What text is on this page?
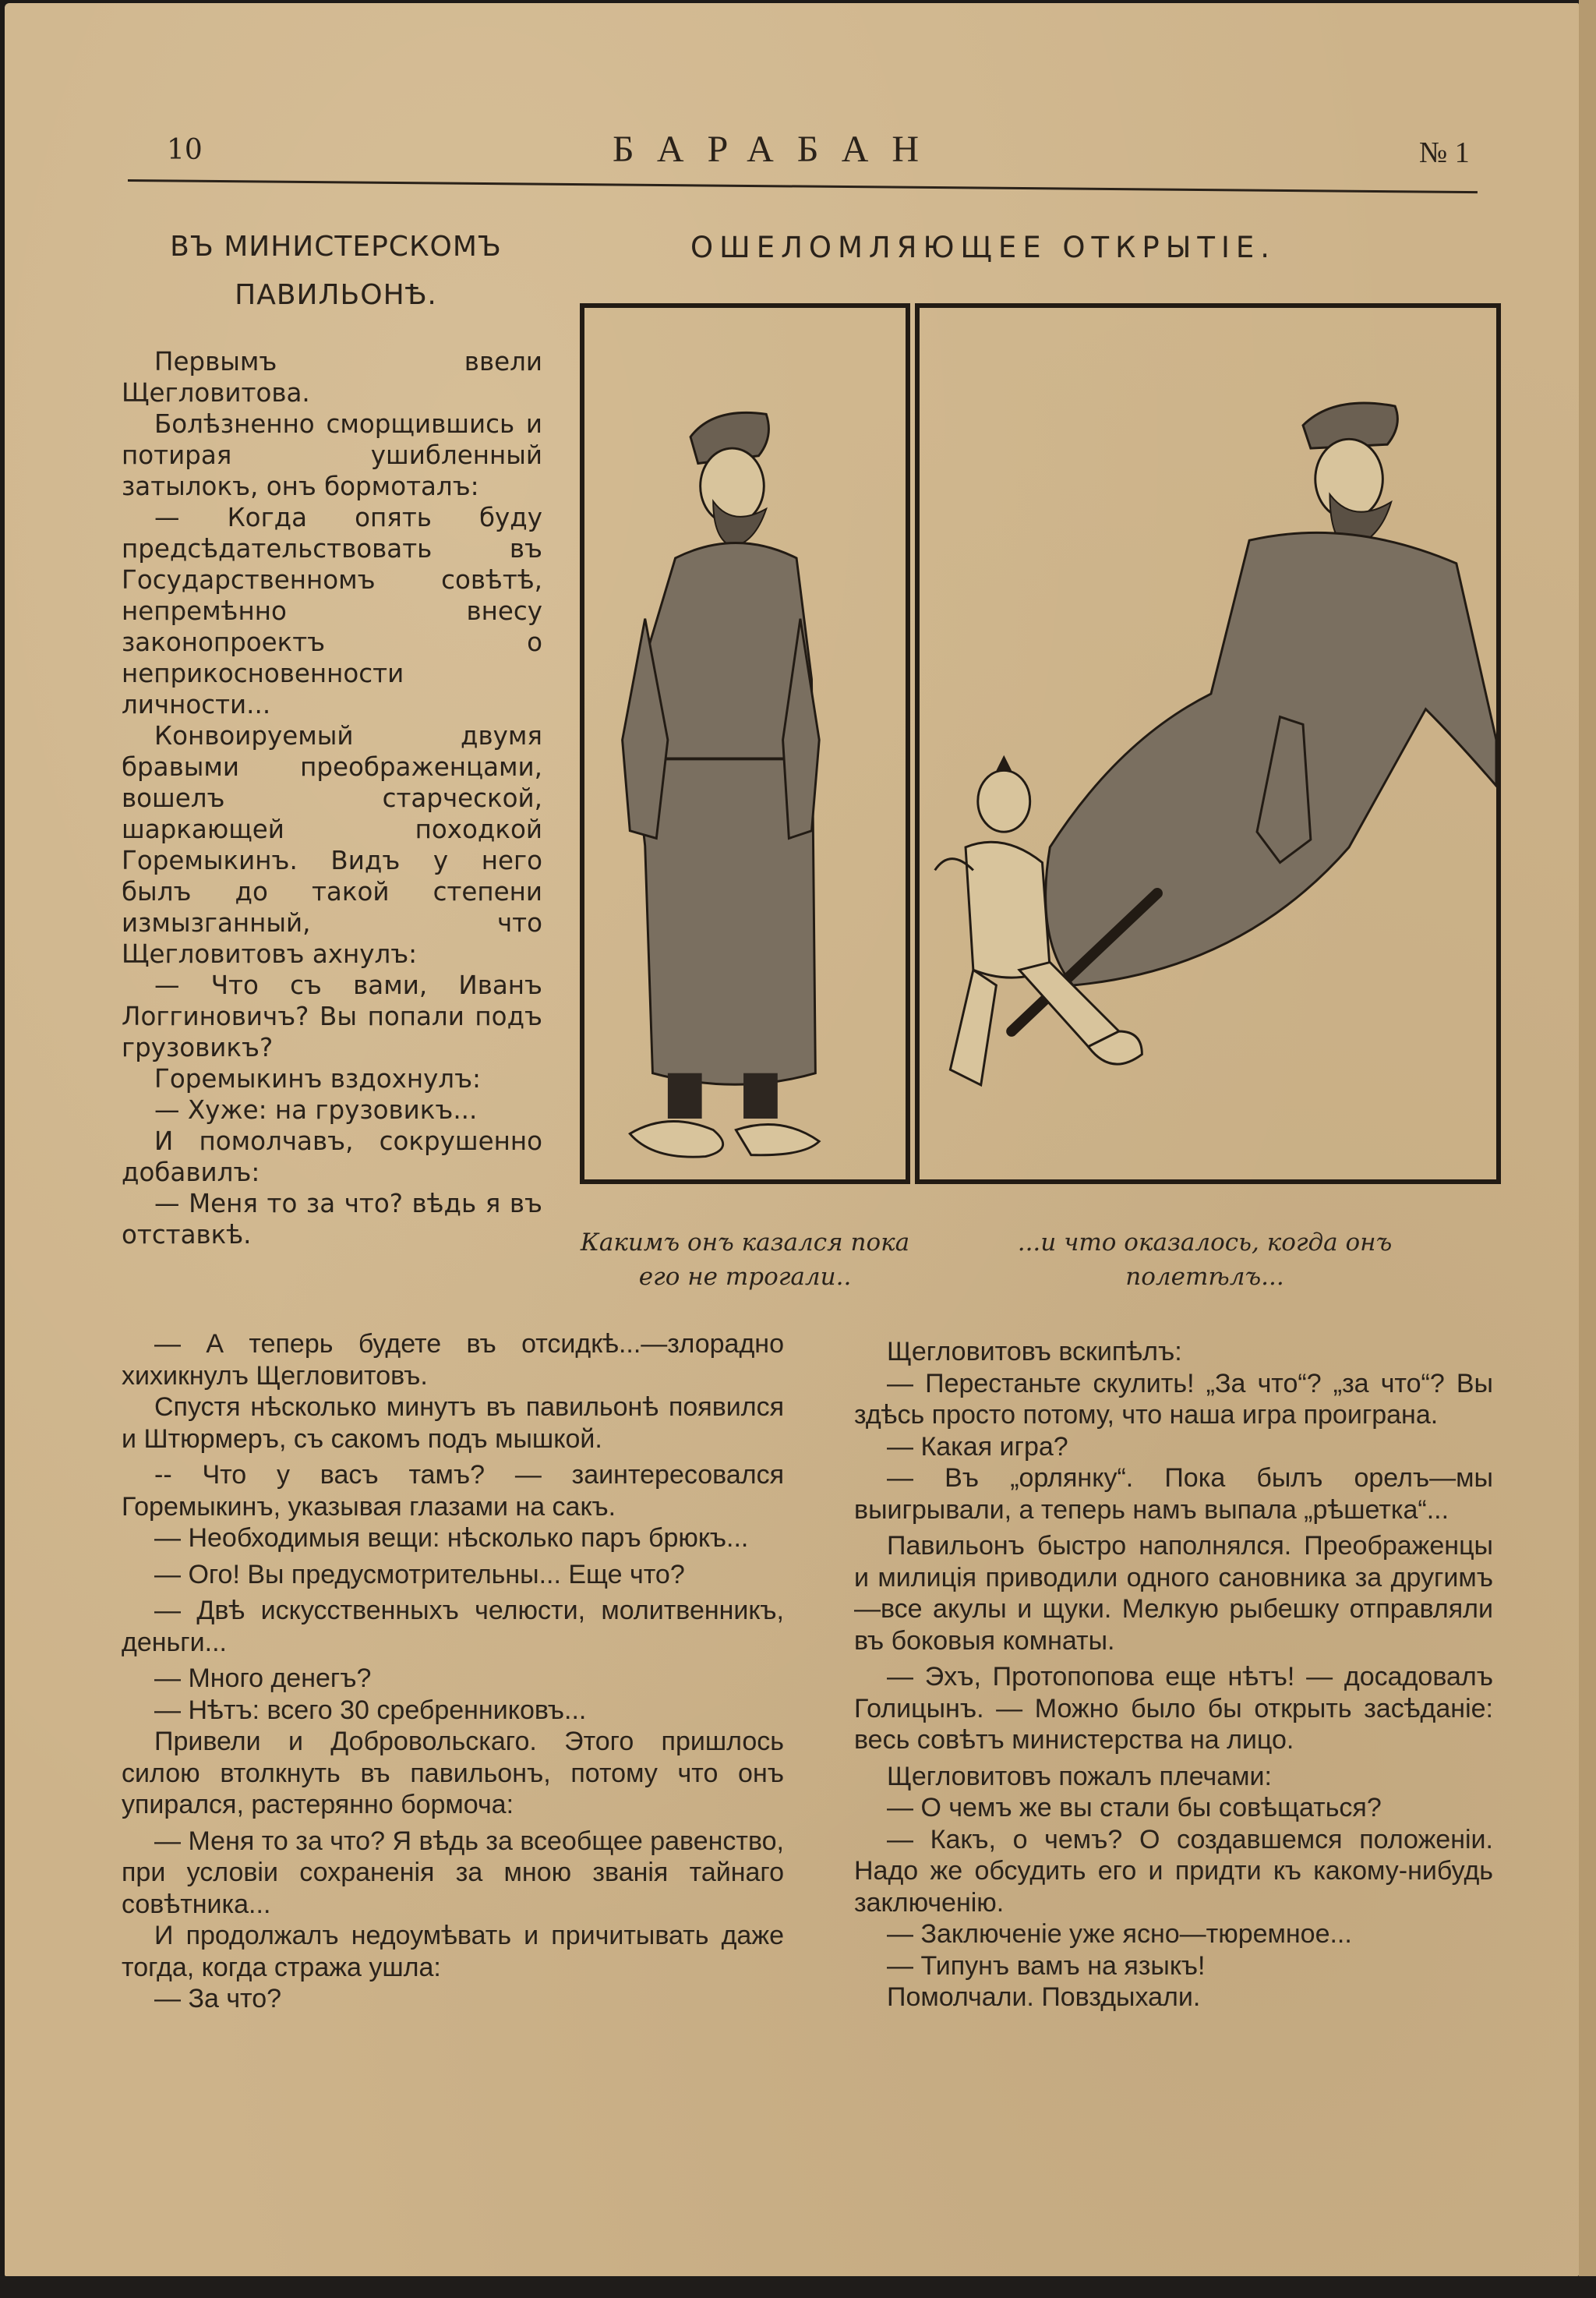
10	БАРАБАН	№ 1
ВЪ МИНИСТЕРСКОМЪ
ПАВИЛЬОНѢ.
ОШЕЛОМЛЯЮЩЕЕ ОТКРЫТІЕ.

Первымъ ввели Щегловитова.

Болѣзненно сморщившись и потирая ушибленный затылокъ, онъ бормоталъ:

— Когда опять буду предсѣдательствовать въ Государственномъ совѣтѣ, непремѣнно внесу законопроектъ о неприкосновенности личности...

Конвоируемый двумя бравыми преображенцами, вошелъ старческой, шаркающей походкой Горемыкинъ. Видъ у него былъ до такой степени измызганный, что Щегловитовъ ахнулъ:

— Что съ вами, Иванъ Логгиновичъ? Вы попали подъ грузовикъ?

Горемыкинъ вздохнулъ:

— Хуже: на грузовикъ...

И помолчавъ, сокрушенно добавилъ:

— Меня то за что? вѣдь я въ отставкѣ.	Какимъ онъ казался пока его не трогали..
...и что оказалось, когда онъ полетѣлъ...

— А теперь будете въ отсидкѣ...—злорадно хихикнулъ Щегловитовъ.

Спустя нѣсколько минутъ въ павильонѣ появился и Штюрмеръ, съ сакомъ подъ мышкой.

-- Что у васъ тамъ? — заинтересовался Горемыкинъ, указывая глазами на сакъ.

— Необходимыя вещи: нѣсколько паръ брюкъ...

— Ого! Вы предусмотрительны... Еще что?

— Двѣ искусственныхъ челюсти, молитвенникъ, деньги...

— Много денегъ?

— Нѣтъ: всего 30 сребренниковъ...

Привели и Добровольскаго. Этого пришлось силою втолкнуть въ павильонъ, потому что онъ упирался, растерянно бормоча:

— Меня то за что? Я вѣдь за всеобщее равенство, при условіи сохраненія за мною званія тайнаго совѣтника...

И продолжалъ недоумѣвать и причитывать даже тогда, когда стража ушла:

— За что?

Щегловитовъ вскипѣлъ:

— Перестаньте скулить! „За что“? „за что“? Вы здѣсь просто потому, что наша игра проиграна.

— Какая игра?

— Въ „орлянку“. Пока былъ орелъ—мы выигрывали, а теперь намъ выпала „рѣшетка“...

Павильонъ быстро наполнялся. Преображенцы и милиція приводили одного сановника за другимъ—все акулы и щуки. Мелкую рыбешку отправляли въ боковыя комнаты.

— Эхъ, Протопопова еще нѣтъ! — досадовалъ Голицынъ. — Можно было бы открыть засѣданіе: весь совѣтъ министерства на лицо.

Щегловитовъ пожалъ плечами:

— О чемъ же вы стали бы совѣщаться?

— Какъ, о чемъ? О создавшемся положеніи. Надо же обсудить его и придти къ какому-нибудь заключенію.

— Заключеніе уже ясно—тюремное...

— Типунъ вамъ на языкъ!

Помолчали. Повздыхали.
